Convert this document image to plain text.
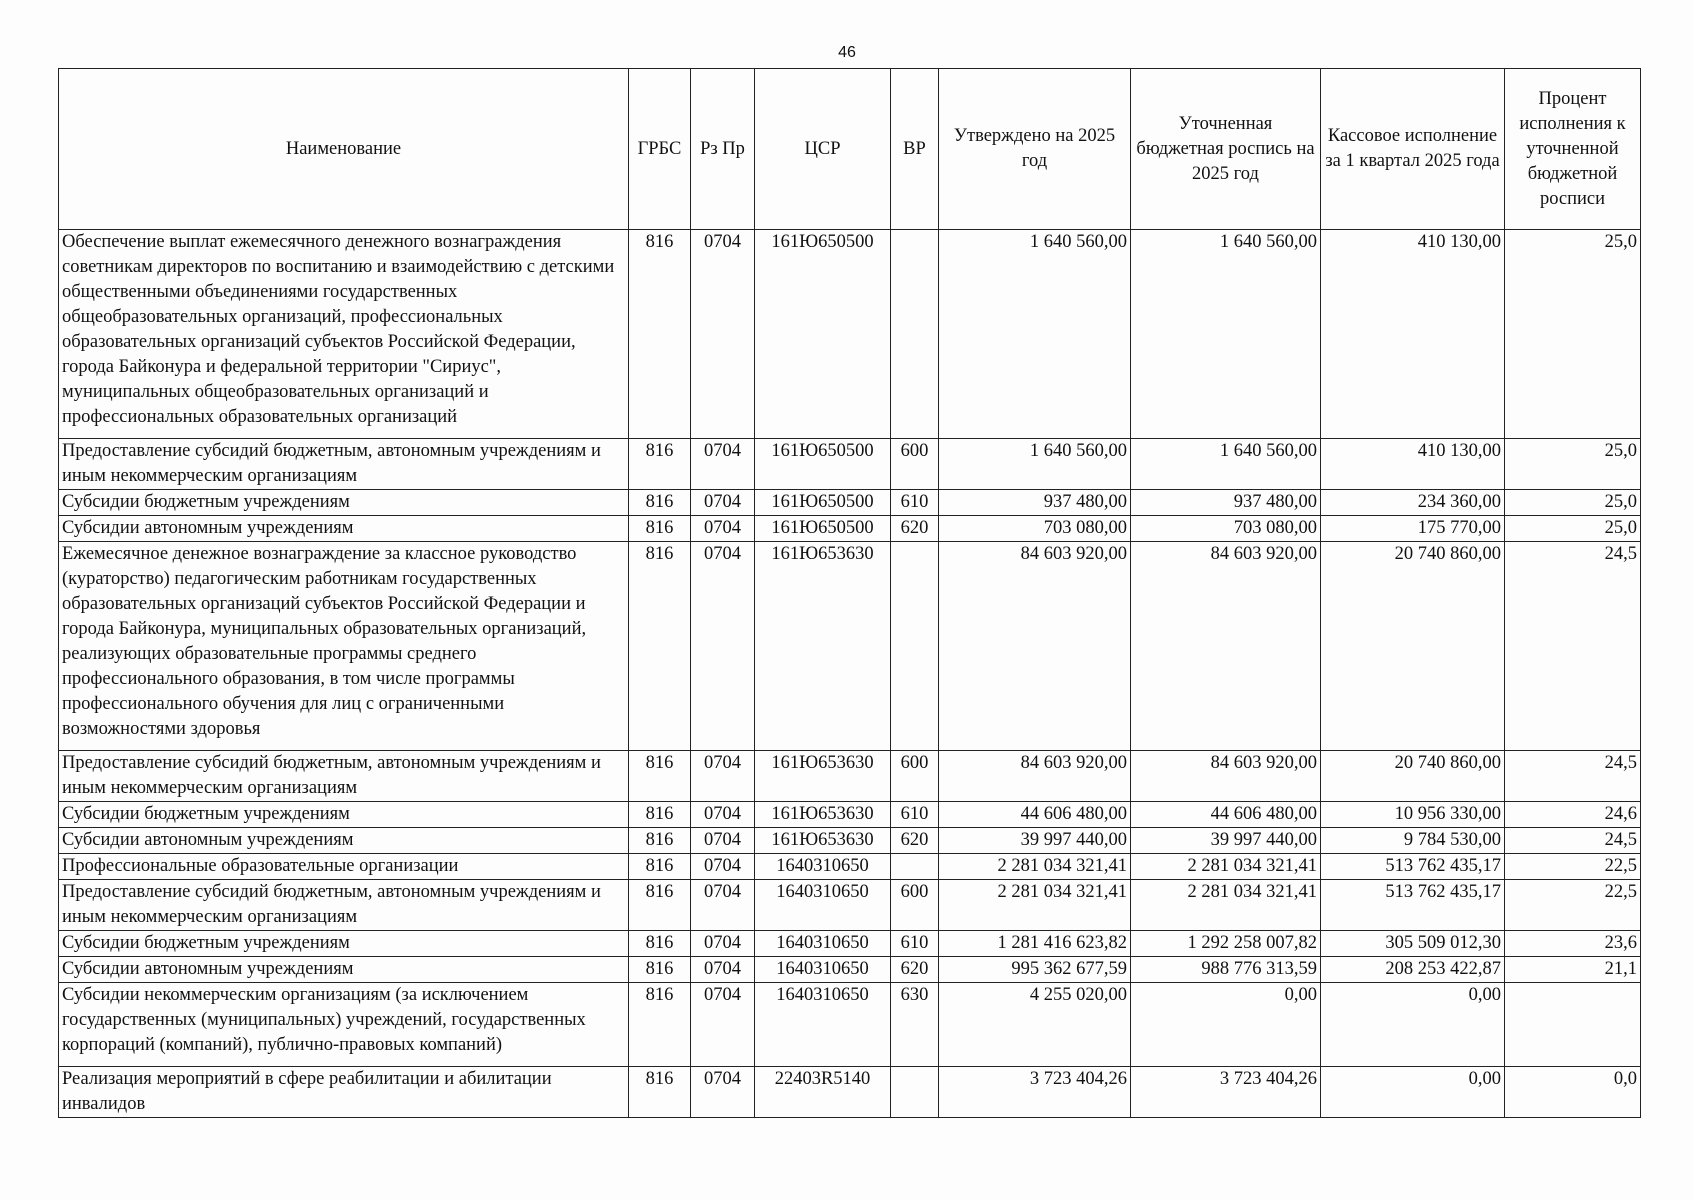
46
Наименование	ГРБС	Рз Пр	ЦСР	ВР	Утверждено на 2025 год	Уточненная бюджетная роспись на 2025 год	Кассовое исполнение за 1 квартал 2025 года	Процент исполнения к уточненной бюджетной росписи
Обеспечение выплат ежемесячного денежного вознаграждения советникам директоров по воспитанию и взаимодействию с детскими общественными объединениями государственных общеобразовательных организаций, профессиональных образовательных организаций субъектов Российской Федерации, города Байконура и федеральной территории "Сириус", муниципальных общеобразовательных организаций и профессиональных образовательных организаций	816	0704	161Ю650500		1 640 560,00	1 640 560,00	410 130,00	25,0
Предоставление субсидий бюджетным, автономным учреждениям и иным некоммерческим организациям	816	0704	161Ю650500	600	1 640 560,00	1 640 560,00	410 130,00	25,0
Субсидии бюджетным учреждениям	816	0704	161Ю650500	610	937 480,00	937 480,00	234 360,00	25,0
Субсидии автономным учреждениям	816	0704	161Ю650500	620	703 080,00	703 080,00	175 770,00	25,0
Ежемесячное денежное вознаграждение за классное руководство (кураторство) педагогическим работникам государственных образовательных организаций субъектов Российской Федерации и города Байконура, муниципальных образовательных организаций, реализующих образовательные программы среднего профессионального образования, в том числе программы профессионального обучения для лиц с ограниченными возможностями здоровья	816	0704	161Ю653630		84 603 920,00	84 603 920,00	20 740 860,00	24,5
Предоставление субсидий бюджетным, автономным учреждениям и иным некоммерческим организациям	816	0704	161Ю653630	600	84 603 920,00	84 603 920,00	20 740 860,00	24,5
Субсидии бюджетным учреждениям	816	0704	161Ю653630	610	44 606 480,00	44 606 480,00	10 956 330,00	24,6
Субсидии автономным учреждениям	816	0704	161Ю653630	620	39 997 440,00	39 997 440,00	9 784 530,00	24,5
Профессиональные образовательные организации	816	0704	1640310650		2 281 034 321,41	2 281 034 321,41	513 762 435,17	22,5
Предоставление субсидий бюджетным, автономным учреждениям и иным некоммерческим организациям	816	0704	1640310650	600	2 281 034 321,41	2 281 034 321,41	513 762 435,17	22,5
Субсидии бюджетным учреждениям	816	0704	1640310650	610	1 281 416 623,82	1 292 258 007,82	305 509 012,30	23,6
Субсидии автономным учреждениям	816	0704	1640310650	620	995 362 677,59	988 776 313,59	208 253 422,87	21,1
Субсидии некоммерческим организациям (за исключением государственных (муниципальных) учреждений, государственных корпораций (компаний), публично-правовых компаний)	816	0704	1640310650	630	4 255 020,00	0,00	0,00	
Реализация мероприятий в сфере реабилитации и абилитации инвалидов	816	0704	22403R5140		3 723 404,26	3 723 404,26	0,00	0,0
